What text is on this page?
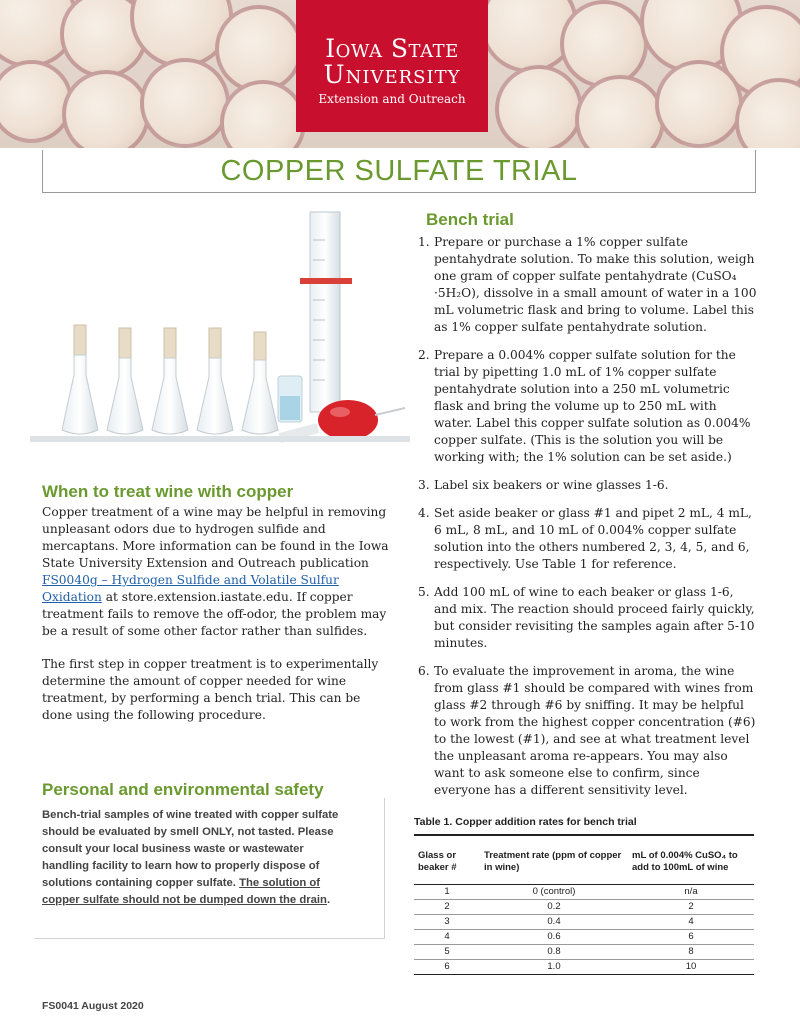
Iowa State
University
Extension and Outreach
COPPER SULFATE TRIAL
When to treat wine with copper

Copper treatment of a wine may be helpful in removing unpleasant odors due to hydrogen sulfide and mercaptans. More information can be found in the Iowa State University Extension and Outreach publication FS0040g – Hydrogen Sulfide and Volatile Sulfur Oxidation at store.extension.iastate.edu. If copper treatment fails to remove the off-odor, the problem may be a result of some other factor rather than sulfides.

The first step in copper treatment is to experimentally determine the amount of copper needed for wine treatment, by performing a bench trial. This can be done using the following procedure.

Personal and environmental safety

Bench-trial samples of wine treated with copper sulfate should be evaluated by smell ONLY, not tasted. Please consult your local business waste or wastewater handling facility to learn how to properly dispose of solutions containing copper sulfate. The solution of copper sulfate should not be dumped down the drain.

Bench trial
1. Prepare or purchase a 1% copper sulfate pentahydrate solution. To make this solution, weigh one gram of copper sulfate pentahydrate (CuSO₄ ·5H₂O), dissolve in a small amount of water in a 100 mL volumetric flask and bring to volume. Label this as 1% copper sulfate pentahydrate solution.
2. Prepare a 0.004% copper sulfate solution for the trial by pipetting 1.0 mL of 1% copper sulfate pentahydrate solution into a 250 mL volumetric flask and bring the volume up to 250 mL with water. Label this copper sulfate solution as 0.004% copper sulfate. (This is the solution you will be working with; the 1% solution can be set aside.)
3. Label six beakers or wine glasses 1-6.
4. Set aside beaker or glass #1 and pipet 2 mL, 4 mL, 6 mL, 8 mL, and 10 mL of 0.004% copper sulfate solution into the others numbered 2, 3, 4, 5, and 6, respectively. Use Table 1 for reference.
5. Add 100 mL of wine to each beaker or glass 1-6, and mix. The reaction should proceed fairly quickly, but consider revisiting the samples again after 5-10 minutes.
6. To evaluate the improvement in aroma, the wine from glass #1 should be compared with wines from glass #2 through #6 by sniffing. It may be helpful to work from the highest copper concentration (#6) to the lowest (#1), and see at what treatment level the unpleasant aroma re-appears. You may also want to ask someone else to confirm, since everyone has a different sensitivity level.
Table 1. Copper addition rates for bench trial
Glass or beaker #	Treatment rate (ppm of copper in wine)	mL of 0.004% CuSO₄ to add to 100mL of wine
1	0 (control)	n/a
2	0.2	2
3	0.4	4
4	0.6	6
5	0.8	8
6	1.0	10
FS0041 August 2020
